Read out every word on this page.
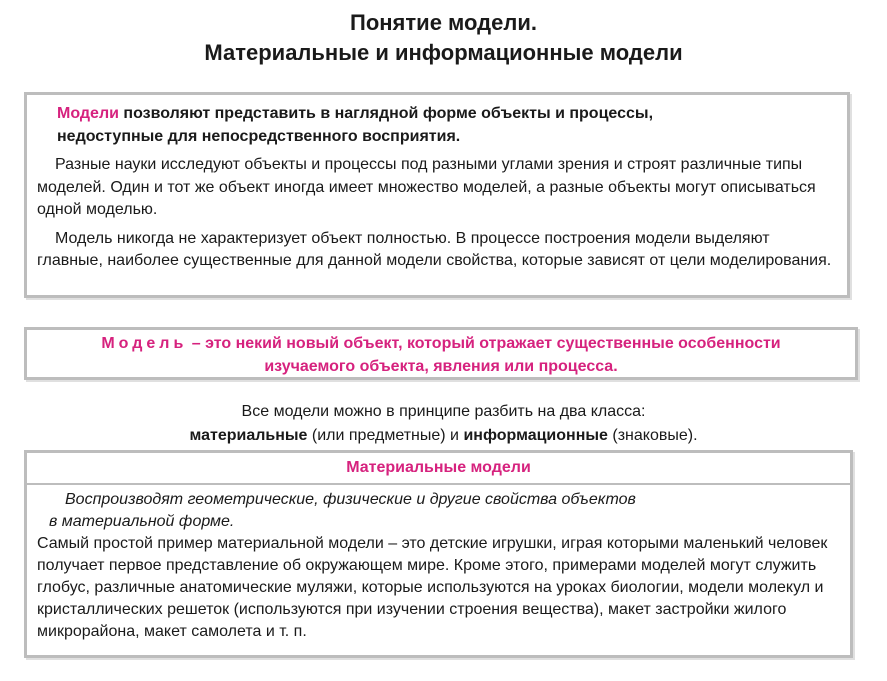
Понятие модели.
Материальные и информационные модели

Модели позволяют представить в наглядной форме объекты и процессы,
недоступные для непосредственного восприятия.

Разные науки исследуют объекты и процессы под разными углами зрения и строят различные типы моделей. Один и тот же объект иногда имеет множество моделей, а разные объекты могут описываться одной моделью.

Модель никогда не характеризует объект полностью. В процессе построения модели выделяют главные, наиболее существенные для данной модели свойства, которые зависят от цели моделирования.

Модель – это некий новый объект, который отражает существенные особенности
изучаемого объекта, явления или процесса.
Все модели можно в принципе разбить на два класса:
материальные (или предметные) и информационные (знаковые).
Материальные модели

Воспроизводят геометрические, физические и другие свойства объектов
в материальной форме.

Самый простой пример материальной модели – это детские игрушки, играя которыми маленький человек получает первое представление об окружающем мире. Кроме этого, примерами моделей могут служить глобус, различные анатомические муляжи, которые используются на уроках биологии, модели молекул и кристаллических решеток (используются при изучении строения вещества), макет застройки жилого микрорайона, макет самолета и т. п.
